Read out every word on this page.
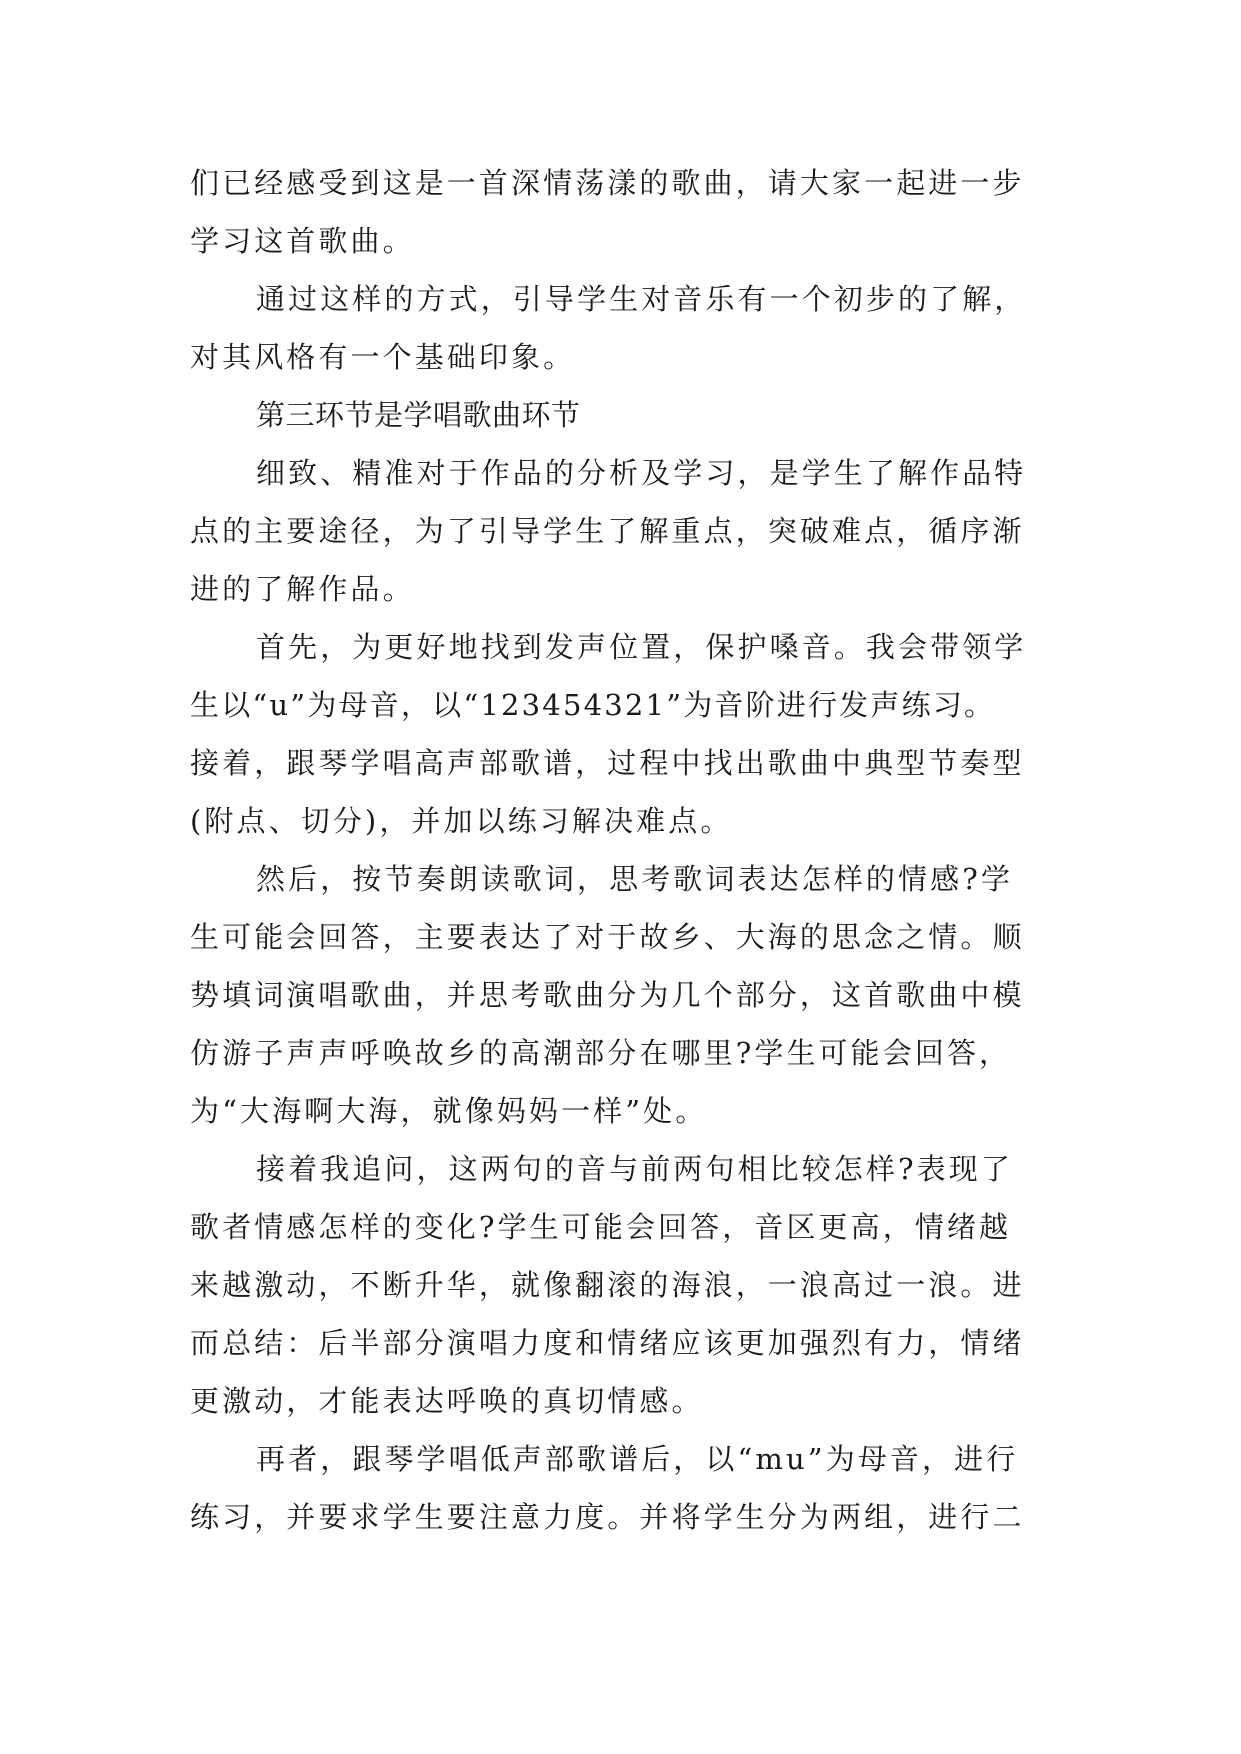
们已经感受到这是一首深情荡漾的歌曲，请大家一起进一步
学习这首歌曲。
通过这样的方式，引导学生对音乐有一个初步的了解，
对其风格有一个基础印象。
第三环节是学唱歌曲环节
细致、精准对于作品的分析及学习，是学生了解作品特
点的主要途径，为了引导学生了解重点，突破难点，循序渐
进的了解作品。
首先，为更好地找到发声位置，保护嗓音。我会带领学
生以“u”为母音，以“123454321”为音阶进行发声练习。
接着，跟琴学唱高声部歌谱，过程中找出歌曲中典型节奏型
(附点、切分)，并加以练习解决难点。
然后，按节奏朗读歌词，思考歌词表达怎样的情感?学
生可能会回答，主要表达了对于故乡、大海的思念之情。顺
势填词演唱歌曲，并思考歌曲分为几个部分，这首歌曲中模
仿游子声声呼唤故乡的高潮部分在哪里?学生可能会回答，
为“大海啊大海，就像妈妈一样”处。
接着我追问，这两句的音与前两句相比较怎样?表现了
歌者情感怎样的变化?学生可能会回答，音区更高，情绪越
来越激动，不断升华，就像翻滚的海浪，一浪高过一浪。进
而总结：后半部分演唱力度和情绪应该更加强烈有力，情绪
更激动，才能表达呼唤的真切情感。
再者，跟琴学唱低声部歌谱后，以“mu”为母音，进行
练习，并要求学生要注意力度。并将学生分为两组，进行二
